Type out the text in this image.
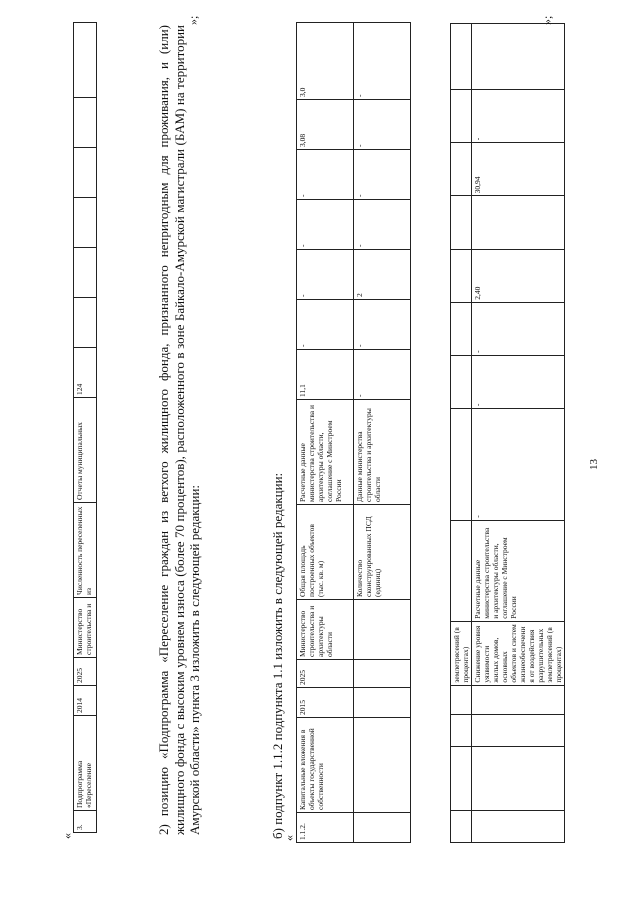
13
				землетрясений (в процентах)									
				Снижение уровня уязвимости жилых домов, основных объектов и систем жизнеобеспечения от воздействия разрушительных землетрясений (в процентах)	Расчетные данные министерства строительства и архитектуры области, соглашение с Минстроем России	-	-	-	2,40		30,94	-	
»;
б) подпункт 1.1.2 подпункта 1.1 изложить в следующей редакции:
« 1.1.2.	Капитальные вложения в объекты государственной собственности	2015	2025	Министерство строительства и архитектуры области	Общая площадь построенных объектов (тыс. кв. м)	Расчетные данные министерства строительства и архитектуры области, соглашение с Минстроем России	11,1	-	-	-	-	3,08	3,0
					Количество сконструированных ПСД (единиц)	Данные министерства строительства и архитектуры области	-	-	2	-	-	-	-
»;
2) позицию «Подпрограмма «Переселение граждан из ветхого жилищного фонда, признанного непригодным для проживания, и (или) жилищного фонда с высоким уровнем износа (более 70 процентов), расположенного в зоне Байкало-Амурской магистрали (БАМ) на территории Амурской области» пункта 3 изложить в следующей редакции:
«
3.	Подпрограмма «Переселение	2014	2025	Министерство строительства и	Численность переселенных из	Отчеты муниципальных	124						
